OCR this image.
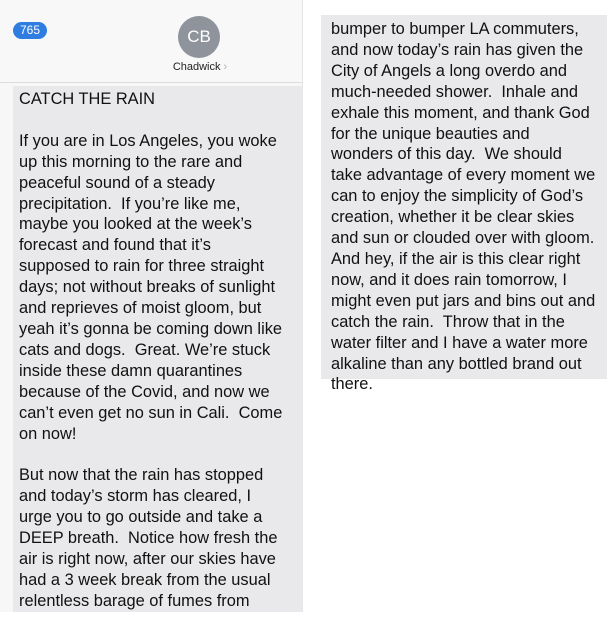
765	CB
Chadwick ›
CATCH THE RAIN

If you are in Los Angeles, you woke
up this morning to the rare and
peaceful sound of a steady
precipitation.  If you’re like me,
maybe you looked at the week’s
forecast and found that it’s
supposed to rain for three straight
days; not without breaks of sunlight
and reprieves of moist gloom, but
yeah it’s gonna be coming down like
cats and dogs.  Great. We’re stuck
inside these damn quarantines
because of the Covid, and now we
can’t even get no sun in Cali.  Come
on now!

But now that the rain has stopped
and today’s storm has cleared, I
urge you to go outside and take a
DEEP breath.  Notice how fresh the
air is right now, after our skies have
had a 3 week break from the usual
relentless barage of fumes from
bumper to bumper LA commuters,
and now today’s rain has given the
City of Angels a long overdo and
much-needed shower.  Inhale and
exhale this moment, and thank God
for the unique beauties and
wonders of this day.  We should
take advantage of every moment we
can to enjoy the simplicity of God’s
creation, whether it be clear skies
and sun or clouded over with gloom.
And hey, if the air is this clear right
now, and it does rain tomorrow, I
might even put jars and bins out and
catch the rain.  Throw that in the
water filter and I have a water more
alkaline than any bottled brand out
there.
